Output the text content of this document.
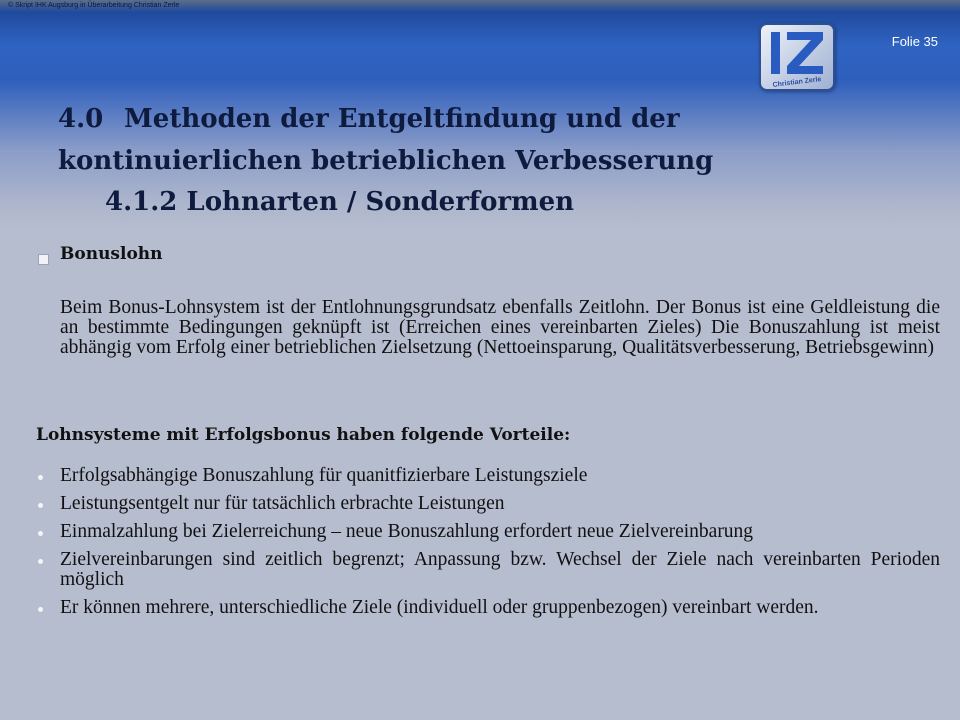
© Skript IHK Augsburg in Überarbeitung Christian Zerle
Christian Zerle
Folie 35
4.0 Methoden der Entgeltfindung und der
kontinuierlichen betrieblichen Verbesserung
4.1.2 Lohnarten / Sonderformen
Bonuslohn

Beim Bonus-Lohnsystem ist der Entlohnungsgrundsatz ebenfalls Zeitlohn. Der Bonus ist eine Geldleistung die an bestimmte Bedingungen geknüpft ist (Erreichen eines vereinbarten Zieles) Die Bonuszahlung ist meist abhängig vom Erfolg einer betrieblichen Zielsetzung (Nettoeinsparung, Qualitätsverbesserung, Betriebsgewinn)

Lohnsysteme mit Erfolgsbonus haben folgende Vorteile:
Erfolgsabhängige Bonuszahlung für quanitfizierbare Leistungsziele
Leistungsentgelt nur für tatsächlich erbrachte Leistungen
Einmalzahlung bei Zielerreichung – neue Bonuszahlung erfordert neue Zielvereinbarung
Zielvereinbarungen sind zeitlich begrenzt; Anpassung bzw. Wechsel der Ziele nach vereinbarten Perioden möglich
Er können mehrere, unterschiedliche Ziele (individuell oder gruppenbezogen) vereinbart werden.
